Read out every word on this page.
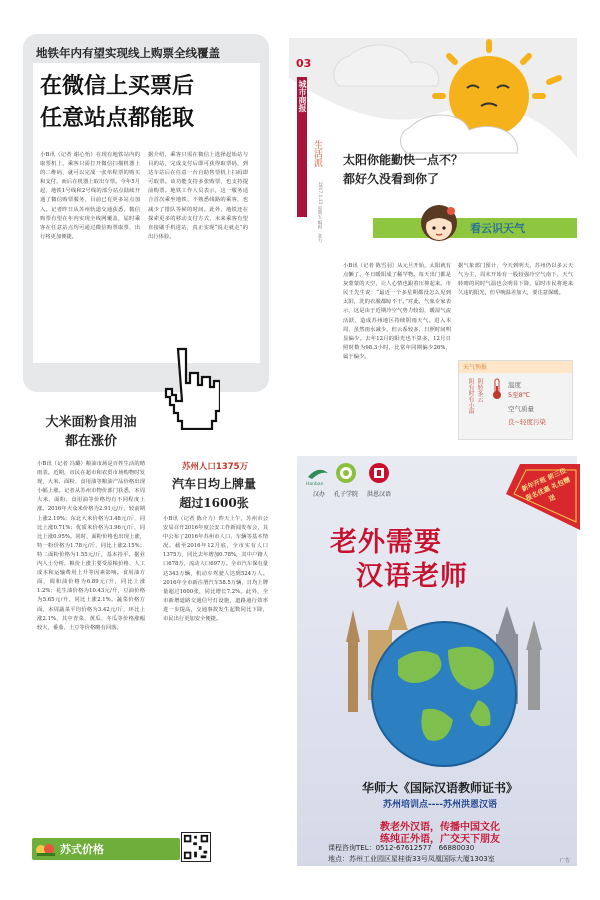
地铁年内有望实现线上购票全线覆盖
在微信上买票后
任意站点都能取
小B讯（记者 谢心怡）在现有地铁站内的取票机上，乘客只需打开微信扫描机器上的二维码，就可以完成一张单程票的购买和支付，而后在机器上取出车票。今年5月起，地铁1号线和2号线的部分站点陆续开通了微信购票服务，目前已有更多站点加入。记者昨日从苏州轨道交通获悉，微信购票有望在年内实现全线网覆盖，届时乘客在任意站点均可通过微信购票取票，出行将更加便捷。
据介绍，乘客只需在微信上选择起始站与目的站，完成支付后即可获得取票码，到达车站后在任意一台自助售票机上扫码即可取票。该功能支持多张购票，也支持提前购票。地铁工作人员表示，这一服务适合首次乘坐地铁、不熟悉线路的乘客，也减少了排队等候的时间。此外，地铁还在探索更多的移动支付方式，未来乘客有望直接刷手机进站，真正实现“说走就走”的出行体验。
大米面粉食用油
都在涨价
小B讯（记者 冯璐）粮油市场是百姓生活的晴雨表。近期，市民在超市和农贸市场购物时发现，大米、面粉、食用油等粮油产品价格出现小幅上涨。记者从苏州市物价部门获悉，本周大米、面粉、食用油等价格均有不同程度上涨。2016年大众米价格为2.91元/斤，较前期上涨2.19%；东北大米价格为3.48元/斤，同比上涨0.71%；优质米价格为3.96元/斤，同比上涨0.95%。同时，面粉价格也出现上涨，特一粉价格为1.78元/斤，同比上涨2.15%；特二面粉价格为1.55元/斤，基本持平。据业内人士分析，粮价上涨主要受原粮价格、人工成本和运输费用上升等因素影响。食用油方面，调和油价格为6.89元/升，同比上涨1.2%；花生油价格为10.43元/升，豆油价格为5.65元/升，同比上涨2.1%。蔬菜价格方面，本周蔬菜平均价格为3.42元/斤，环比上涨2.1%，其中青菜、黄瓜、冬瓜等价格涨幅较大，番茄、土豆等价格略有回落。
苏式价格
苏州人口1375万
汽车日均上牌量
超过1600张
小B讯（记者 陈介力）昨天上午，苏州市公安局召开2016年度公安工作新闻发布会，其中公布了2016年苏州市人口、车辆等基本情况。截至2016年12月底，全市实有人口1375万，同比去年增加0.78%，其中户籍人口678万，流动人口697万。全市汽车保有量达343万辆，机动车驾驶人达到524万人。2016年全市新注册汽车58.5万辆，日均上牌量超过1600张，同比增长7.2%。此外，全市新增道路交通信号灯设施，道路通行效率进一步提高，交通事故发生起数同比下降，市民出行更加安全便捷。
03
城市商报
生活派
2017.1.13 星期五 编辑：张力
太阳你能勤快一点不？
都好久没看到你了
看云识天气
小B讯（记者 陈雪羽）从元旦开始，太阳就有点懒了，冬日暖阳成了稀罕物。每天出门都是灰蒙蒙的天空，让人心情也跟着压抑起来。市民王先生说：“最近一个多星期都没怎么见到太阳，洗的衣服都晾不干。”对此，气象专家表示，这是由于近期冷空气势力较弱，暖湿气流活跃，造成苏州地区持续阴雨天气。进入本周，虽然雨水减少，但云系较多，日照时间明显偏少。去年12月的阳光也不算多，12月日照时数为98.3小时，比常年同期偏少26%，属于偏少。
据气象部门预计，今天到明天，苏州仍以多云天气为主，周末开始有一股较强冷空气南下，天气转晴的同时气温也会明显下降，届时市民将迎来久违的阳光，但早晚温差加大，要注意保暖。
天气预报
阴有时有小雨 阴转多云	温度
5至8℃
空气质量
良~轻度污染
Hanban
汉办 孔子学院 洪恩汉语
新年开班 前三位报名优惠 礼包赠送
老外需要
汉语老师
华师大《国际汉语教师证书》
苏州培训点----苏州洪恩汉语
教老外汉语，传播中国文化
练纯正外语，广交天下朋友
课程咨询TEL：0512-67612577　66880030
地点：苏州工业园区星桂街33号凤凰国际大厦1303室	广告
